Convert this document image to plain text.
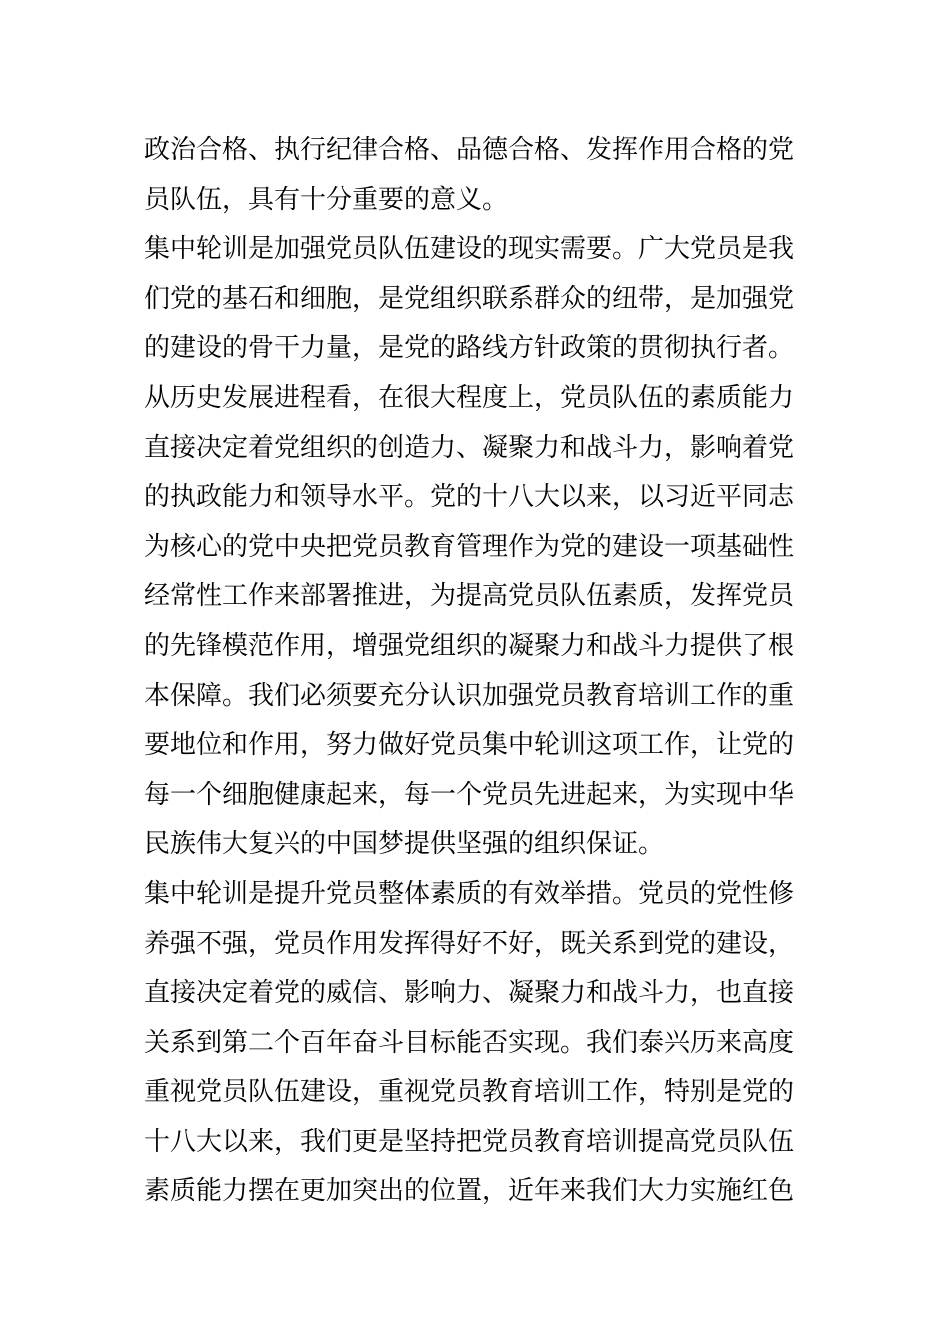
政治合格、执行纪律合格、品德合格、发挥作用合格的党
员队伍，具有十分重要的意义。
集中轮训是加强党员队伍建设的现实需要。广大党员是我
们党的基石和细胞，是党组织联系群众的纽带，是加强党
的建设的骨干力量，是党的路线方针政策的贯彻执行者。
从历史发展进程看，在很大程度上，党员队伍的素质能力
直接决定着党组织的创造力、凝聚力和战斗力，影响着党
的执政能力和领导水平。党的十八大以来，以习近平同志
为核心的党中央把党员教育管理作为党的建设一项基础性
经常性工作来部署推进，为提高党员队伍素质，发挥党员
的先锋模范作用，增强党组织的凝聚力和战斗力提供了根
本保障。我们必须要充分认识加强党员教育培训工作的重
要地位和作用，努力做好党员集中轮训这项工作，让党的
每一个细胞健康起来，每一个党员先进起来，为实现中华
民族伟大复兴的中国梦提供坚强的组织保证。
集中轮训是提升党员整体素质的有效举措。党员的党性修
养强不强，党员作用发挥得好不好，既关系到党的建设，
直接决定着党的威信、影响力、凝聚力和战斗力，也直接
关系到第二个百年奋斗目标能否实现。我们泰兴历来高度
重视党员队伍建设，重视党员教育培训工作，特别是党的
十八大以来，我们更是坚持把党员教育培训提高党员队伍
素质能力摆在更加突出的位置，近年来我们大力实施红色
